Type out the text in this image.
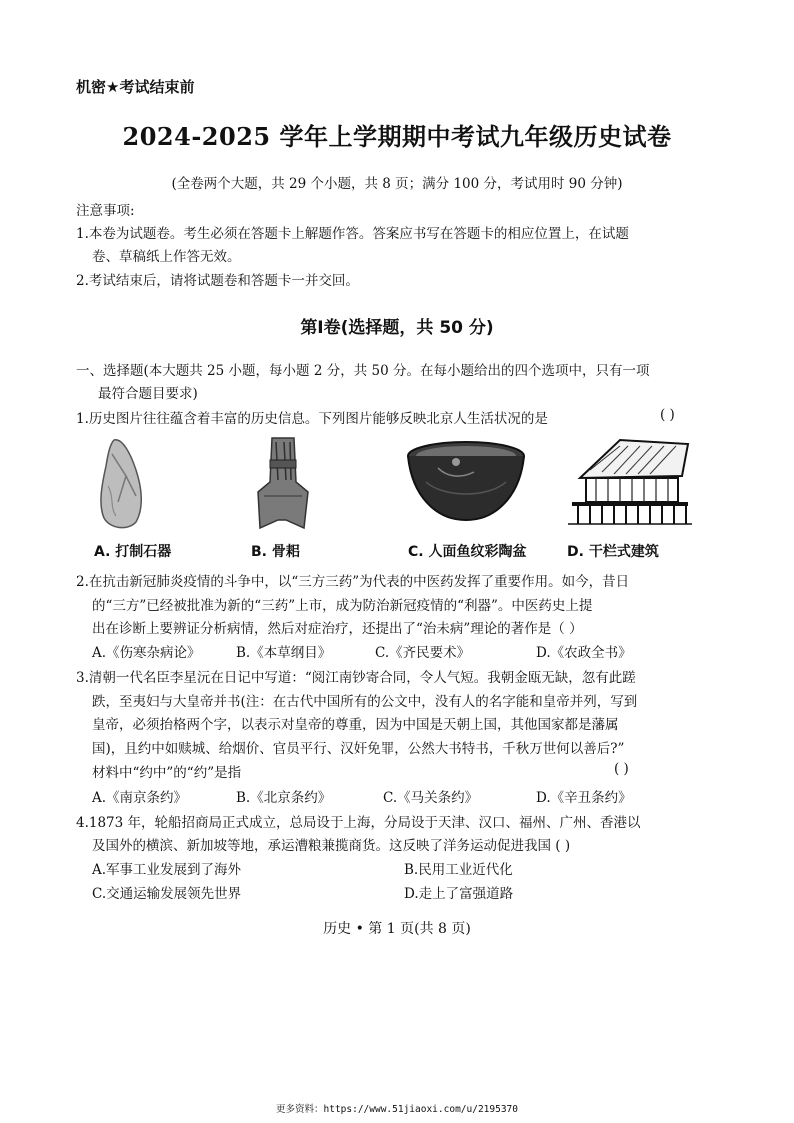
机密★考试结束前
2024-2025 学年上学期期中考试九年级历史试卷
(全卷两个大题，共 29 个小题，共 8 页；满分 100 分，考试用时 90 分钟)
注意事项:
1.本卷为试题卷。考生必须在答题卡上解题作答。答案应书写在答题卡的相应位置上，在试题
卷、草稿纸上作答无效。
2.考试结束后，请将试题卷和答题卡一并交回。
第Ⅰ卷(选择题，共 50 分)
一、选择题(本大题共 25 小题，每小题 2 分，共 50 分。在每小题给出的四个选项中，只有一项
最符合题目要求)
1.历史图片往往蕴含着丰富的历史信息。下列图片能够反映北京人生活状况的是	( )
A. 打制石器	B. 骨耜	C. 人面鱼纹彩陶盆	D. 干栏式建筑
2.在抗击新冠肺炎疫情的斗争中，以“三方三药”为代表的中医药发挥了重要作用。如今，昔日
的“三方”已经被批准为新的“三药”上市，成为防治新冠疫情的“利器”。中医药史上提
出在诊断上要辨证分析病情，然后对症治疗，还提出了“治未病”理论的著作是（ ）
A.《伤寒杂病论》	B.《本草纲目》	C.《齐民要术》	D.《农政全书》
3.清朝一代名臣李星沅在日记中写道：“阅江南钞寄合同，令人气短。我朝金瓯无缺，忽有此蹉
跌，至夷妇与大皇帝并书(注：在古代中国所有的公文中，没有人的名字能和皇帝并列，写到
皇帝，必须抬格两个字，以表示对皇帝的尊重，因为中国是天朝上国，其他国家都是藩属
国)，且约中如赎城、给烟价、官员平行、汉奸免罪，公然大书特书，千秋万世何以善后?”
材料中“约中”的“约”是指	( )
A.《南京条约》	B.《北京条约》	C.《马关条约》	D.《辛丑条约》
4.1873 年，轮船招商局正式成立，总局设于上海，分局设于天津、汉口、福州、广州、香港以
及国外的横滨、新加坡等地，承运漕粮兼揽商货。这反映了洋务运动促进我国 ( )
A.军事工业发展到了海外	B.民用工业近代化
C.交通运输发展领先世界	D.走上了富强道路
历史 • 第 1 页(共 8 页)
更多资料：https://www.51jiaoxi.com/u/2195370
